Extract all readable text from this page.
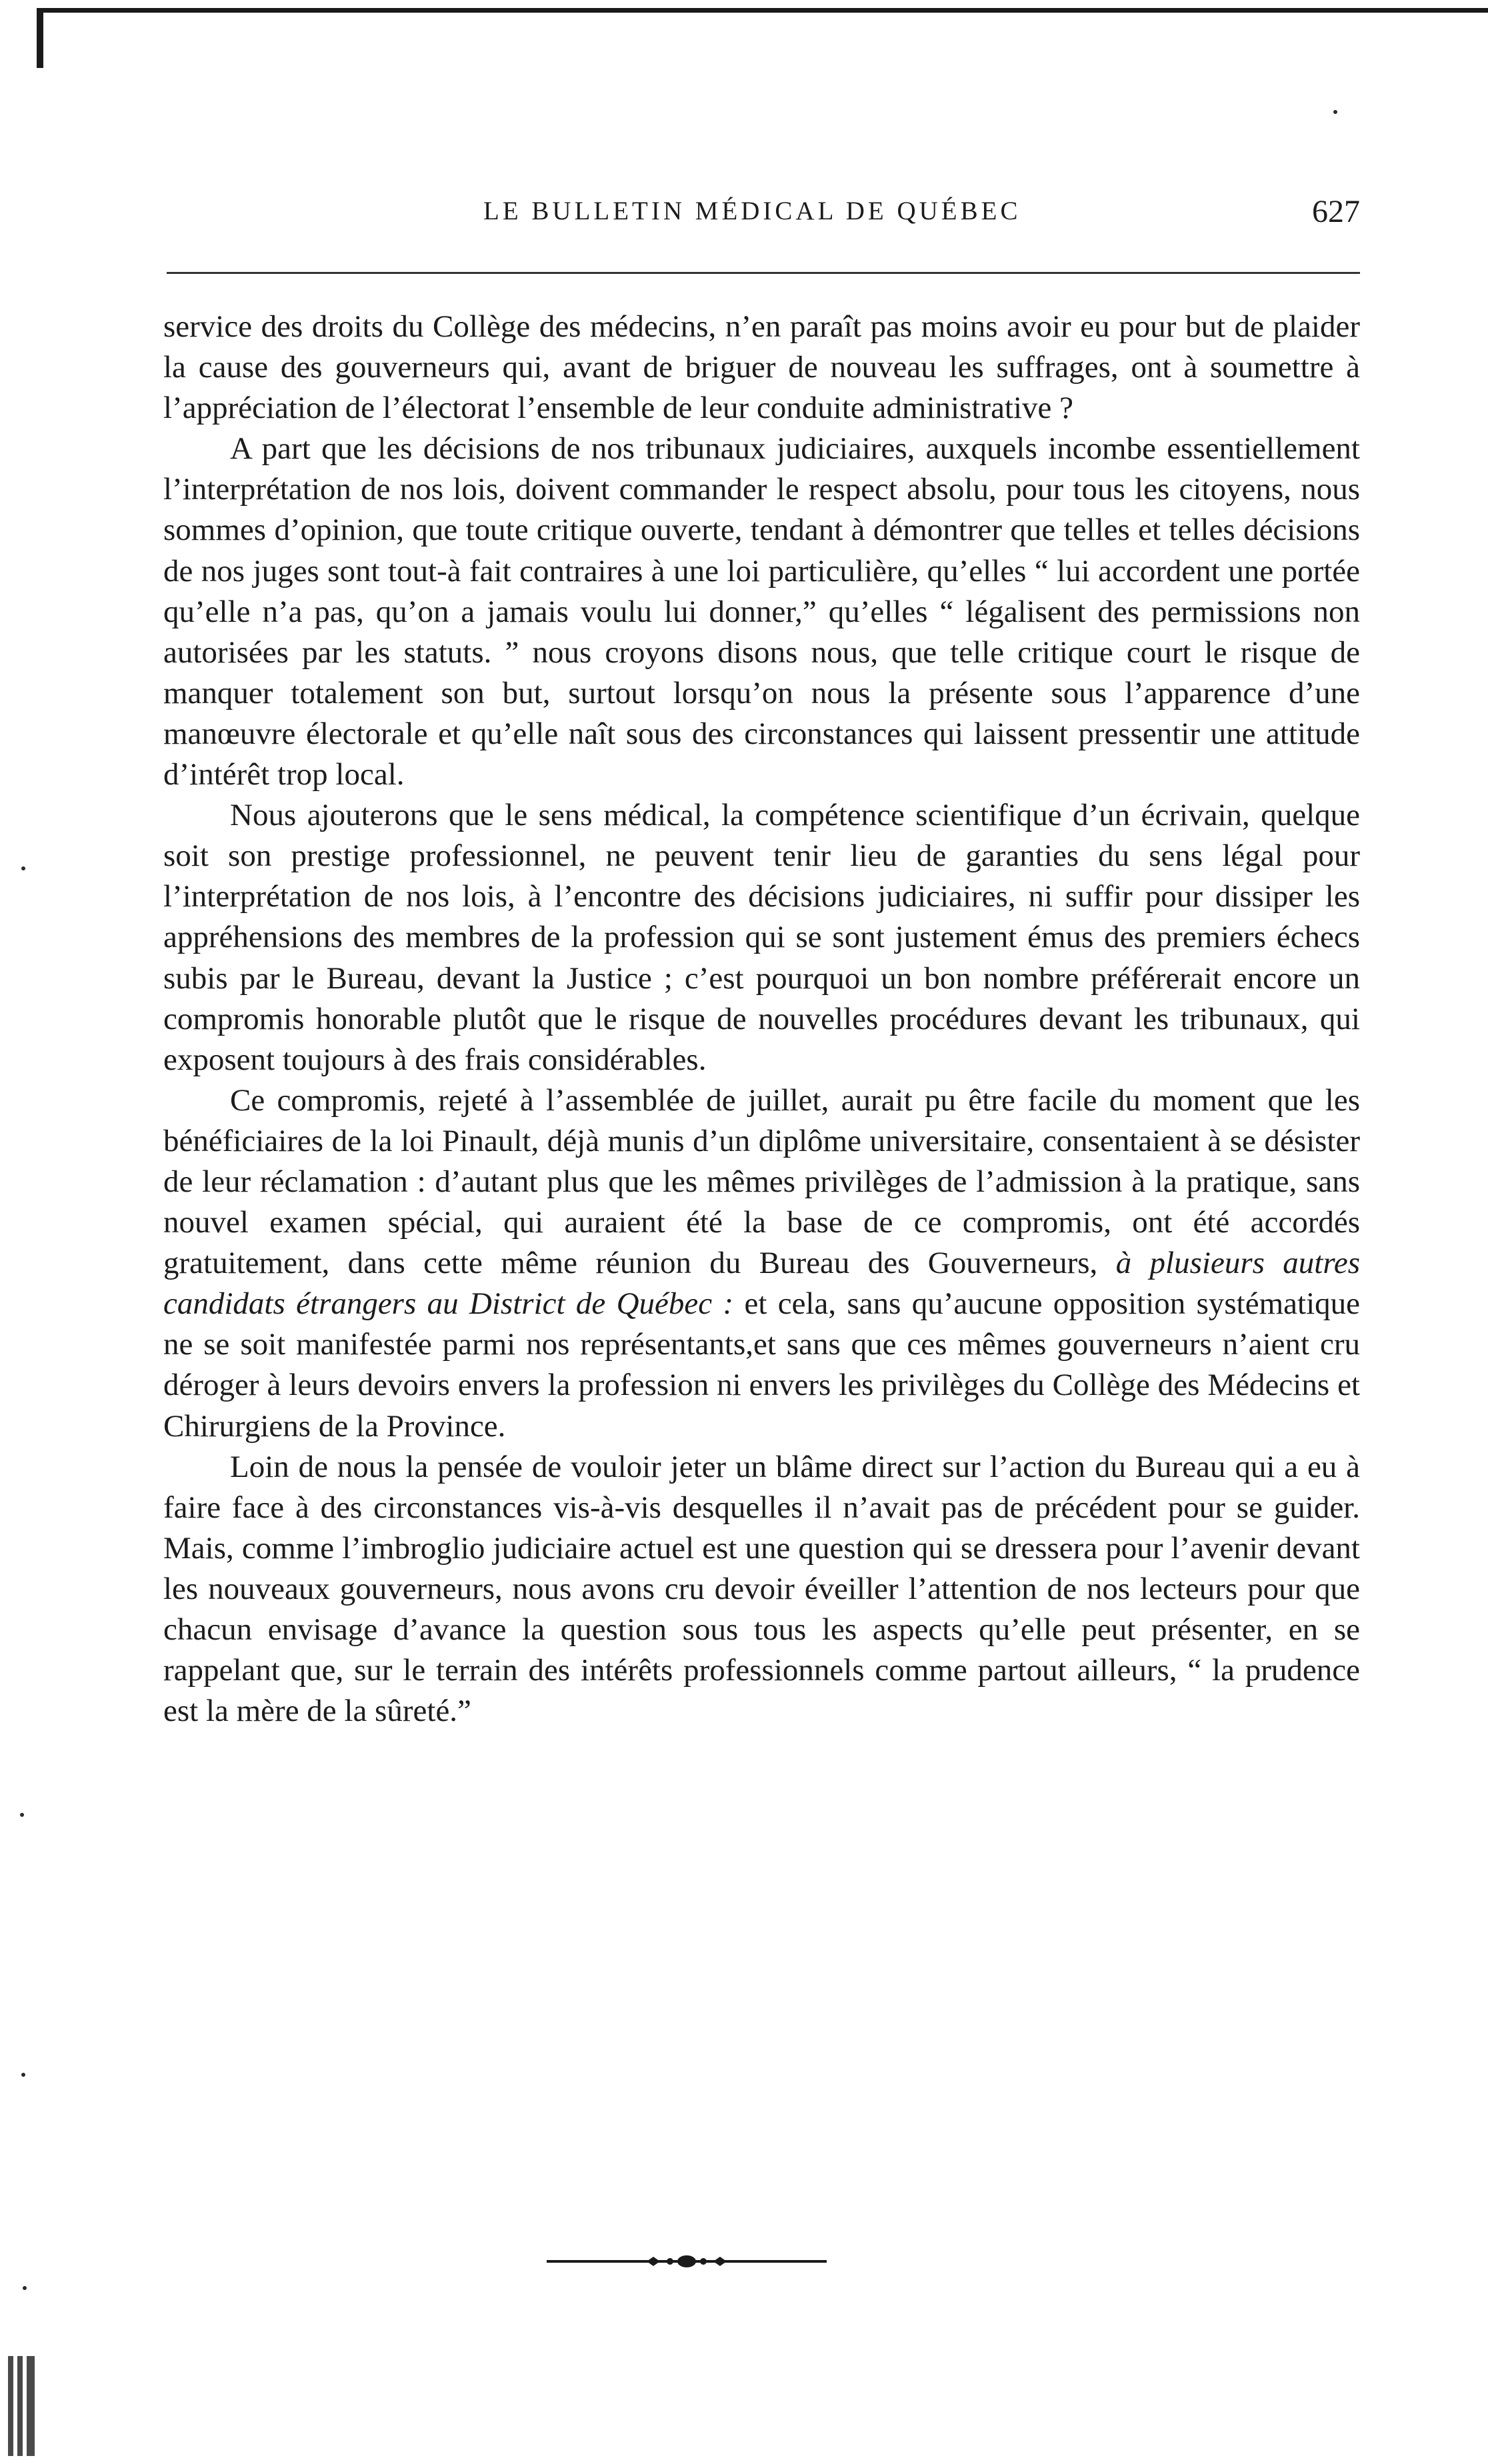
LE BULLETIN MÉDICAL DE QUÉBEC	627

service des droits du Collège des médecins, n’en paraît pas moins avoir eu pour but de plaider la cause des gouverneurs qui, avant de briguer de nouveau les suffrages, ont à soumettre à l’appréciation de l’électorat l’ensemble de leur conduite administrative ?

A part que les décisions de nos tribunaux judiciaires, auxquels incombe essentiellement l’interprétation de nos lois, doivent commander le respect absolu, pour tous les citoyens, nous sommes d’opinion, que toute critique ouverte, tendant à démontrer que telles et telles décisions de nos juges sont tout-à fait contraires à une loi particulière, qu’elles “ lui accordent une portée qu’elle n’a pas, qu’on a jamais voulu lui donner,” qu’elles “ légalisent des permissions non autorisées par les statuts. ” nous croyons disons nous, que telle critique court le risque de manquer totalement son but, surtout lorsqu’on nous la présente sous l’apparence d’une manœuvre électorale et qu’elle naît sous des circonstances qui laissent pressentir une attitude d’intérêt trop local.

Nous ajouterons que le sens médical, la compétence scientifique d’un écrivain, quelque soit son prestige professionnel, ne peuvent tenir lieu de garanties du sens légal pour l’interprétation de nos lois, à l’encontre des décisions judiciaires, ni suffir pour dissiper les appréhensions des membres de la profession qui se sont justement émus des premiers échecs subis par le Bureau, devant la Justice ; c’est pourquoi un bon nombre préférerait encore un compromis honorable plutôt que le risque de nouvelles procédures devant les tribunaux, qui exposent toujours à des frais considérables.

Ce compromis, rejeté à l’assemblée de juillet, aurait pu être facile du moment que les bénéficiaires de la loi Pinault, déjà munis d’un diplôme universitaire, consentaient à se désister de leur réclamation : d’autant plus que les mêmes privilèges de l’admission à la pratique, sans nouvel examen spécial, qui auraient été la base de ce compromis, ont été accordés gratuitement, dans cette même réunion du Bureau des Gouverneurs, à plusieurs autres candidats étrangers au District de Québec : et cela, sans qu’aucune opposition systématique ne se soit manifestée parmi nos représentants,et sans que ces mêmes gouverneurs n’aient cru déroger à leurs devoirs envers la profession ni envers les privilèges du Collège des Médecins et Chirurgiens de la Province.

Loin de nous la pensée de vouloir jeter un blâme direct sur l’action du Bureau qui a eu à faire face à des circonstances vis-à-vis desquelles il n’avait pas de précédent pour se guider. Mais, comme l’imbroglio judiciaire actuel est une question qui se dressera pour l’avenir devant les nouveaux gouverneurs, nous avons cru devoir éveiller l’attention de nos lecteurs pour que chacun envisage d’avance la question sous tous les aspects qu’elle peut présenter, en se rappelant que, sur le terrain des intérêts professionnels comme partout ailleurs, “ la prudence est la mère de la sûreté.”
